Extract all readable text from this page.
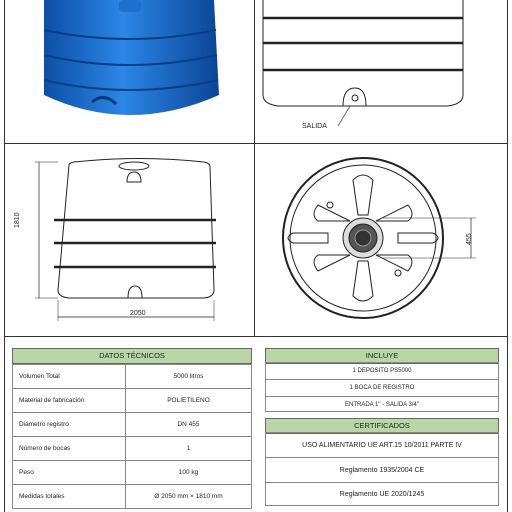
SALIDA
1810
2050
455
DATOS TÉCNICOS
Volumen Total	5000 litros
Material de fabricación	POLIETILENO
Diámetro registro	DN 455
Número de bocas	1
Peso	100 kg
Medidas totales	Ø 2050 mm × 1810 mm
INCLUYE
1 DEPOSITO PS5000
1 BOCA DE REGISTRO
ENTRADA 1" - SALIDA 3/4"
CERTIFICADOS
USO ALIMENTARIO UE ART.15 10/2011 PARTE IV
Reglamento 1935/2004 CE
Reglamento UE 2020/1245
